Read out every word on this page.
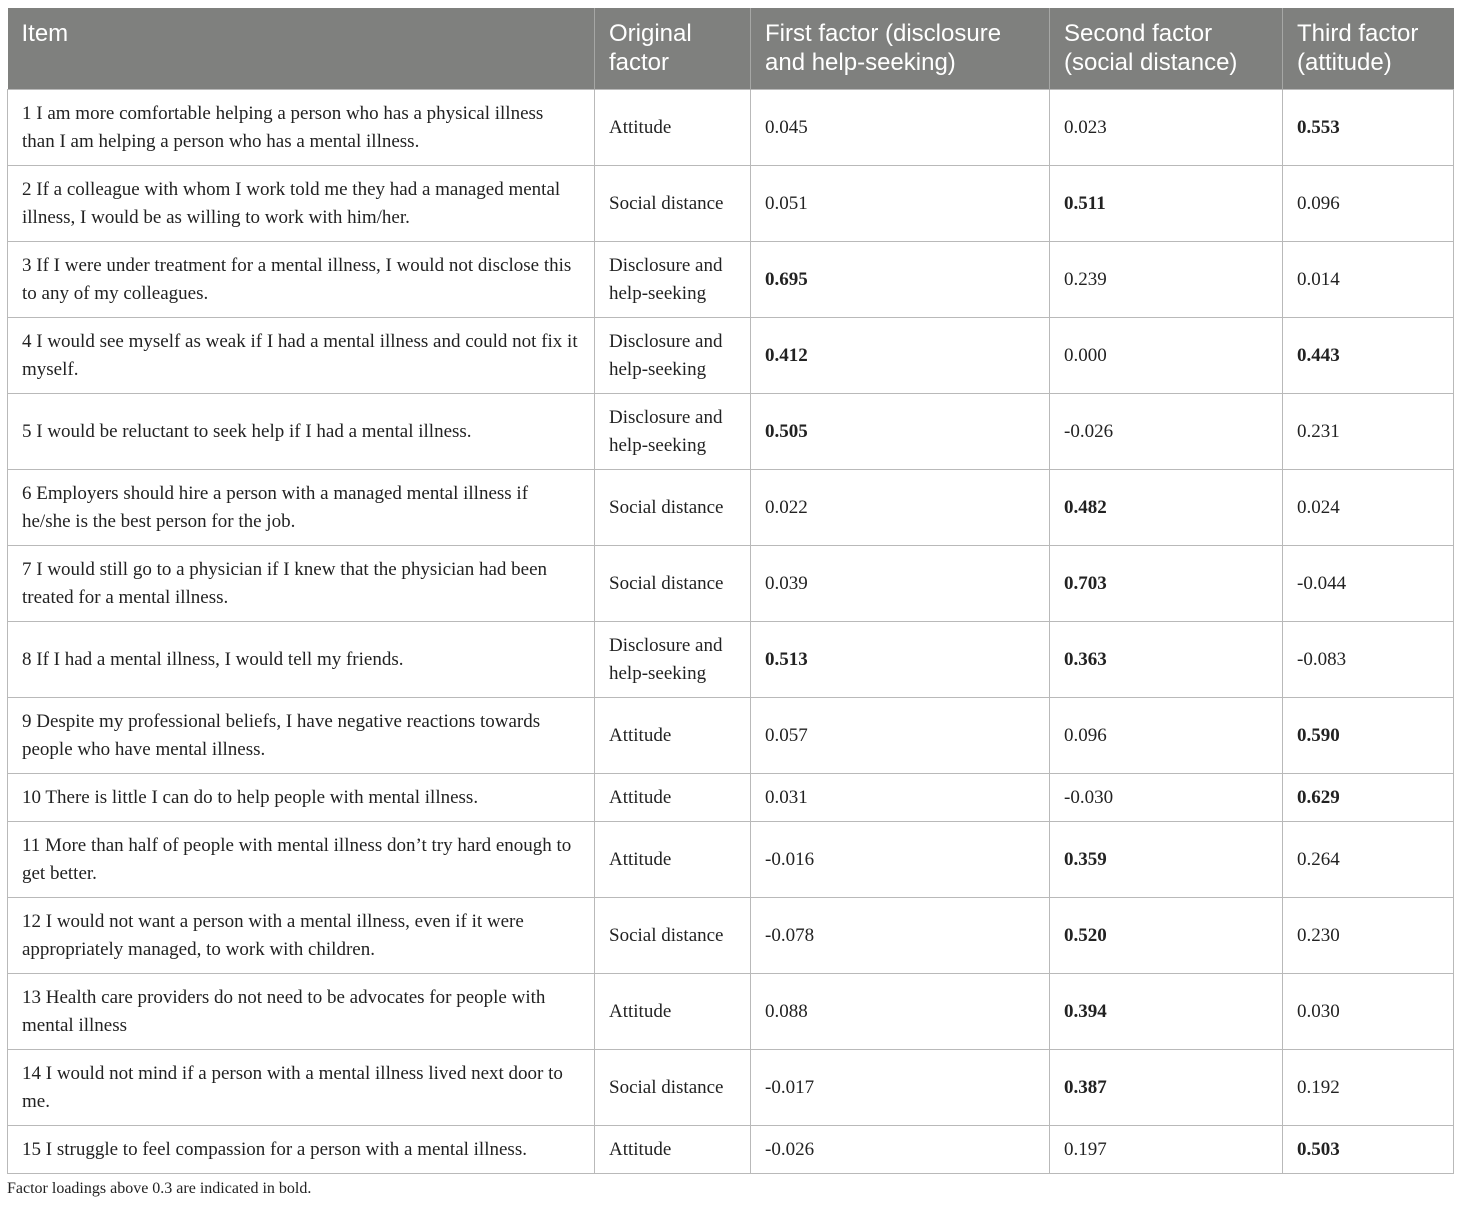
Item	Original factor	First factor (disclosure and help-seeking)	Second factor (social distance)	Third factor (attitude)
1 I am more comfortable helping a person who has a physical illness than I am helping a person who has a mental illness.	Attitude	0.045	0.023	0.553
2 If a colleague with whom I work told me they had a managed mental illness, I would be as willing to work with him/her.	Social distance	0.051	0.511	0.096
3 If I were under treatment for a mental illness, I would not disclose this to any of my colleagues.	Disclosure and help-seeking	0.695	0.239	0.014
4 I would see myself as weak if I had a mental illness and could not fix it myself.	Disclosure and help-seeking	0.412	0.000	0.443
5 I would be reluctant to seek help if I had a mental illness.	Disclosure and help-seeking	0.505	-0.026	0.231
6 Employers should hire a person with a managed mental illness if he/she is the best person for the job.	Social distance	0.022	0.482	0.024
7 I would still go to a physician if I knew that the physician had been treated for a mental illness.	Social distance	0.039	0.703	-0.044
8 If I had a mental illness, I would tell my friends.	Disclosure and help-seeking	0.513	0.363	-0.083
9 Despite my professional beliefs, I have negative reactions towards people who have mental illness.	Attitude	0.057	0.096	0.590
10 There is little I can do to help people with mental illness.	Attitude	0.031	-0.030	0.629
11 More than half of people with mental illness don’t try hard enough to get better.	Attitude	-0.016	0.359	0.264
12 I would not want a person with a mental illness, even if it were appropriately managed, to work with children.	Social distance	-0.078	0.520	0.230
13 Health care providers do not need to be advocates for people with mental illness	Attitude	0.088	0.394	0.030
14 I would not mind if a person with a mental illness lived next door to me.	Social distance	-0.017	0.387	0.192
15 I struggle to feel compassion for a person with a mental illness.	Attitude	-0.026	0.197	0.503
Factor loadings above 0.3 are indicated in bold.
